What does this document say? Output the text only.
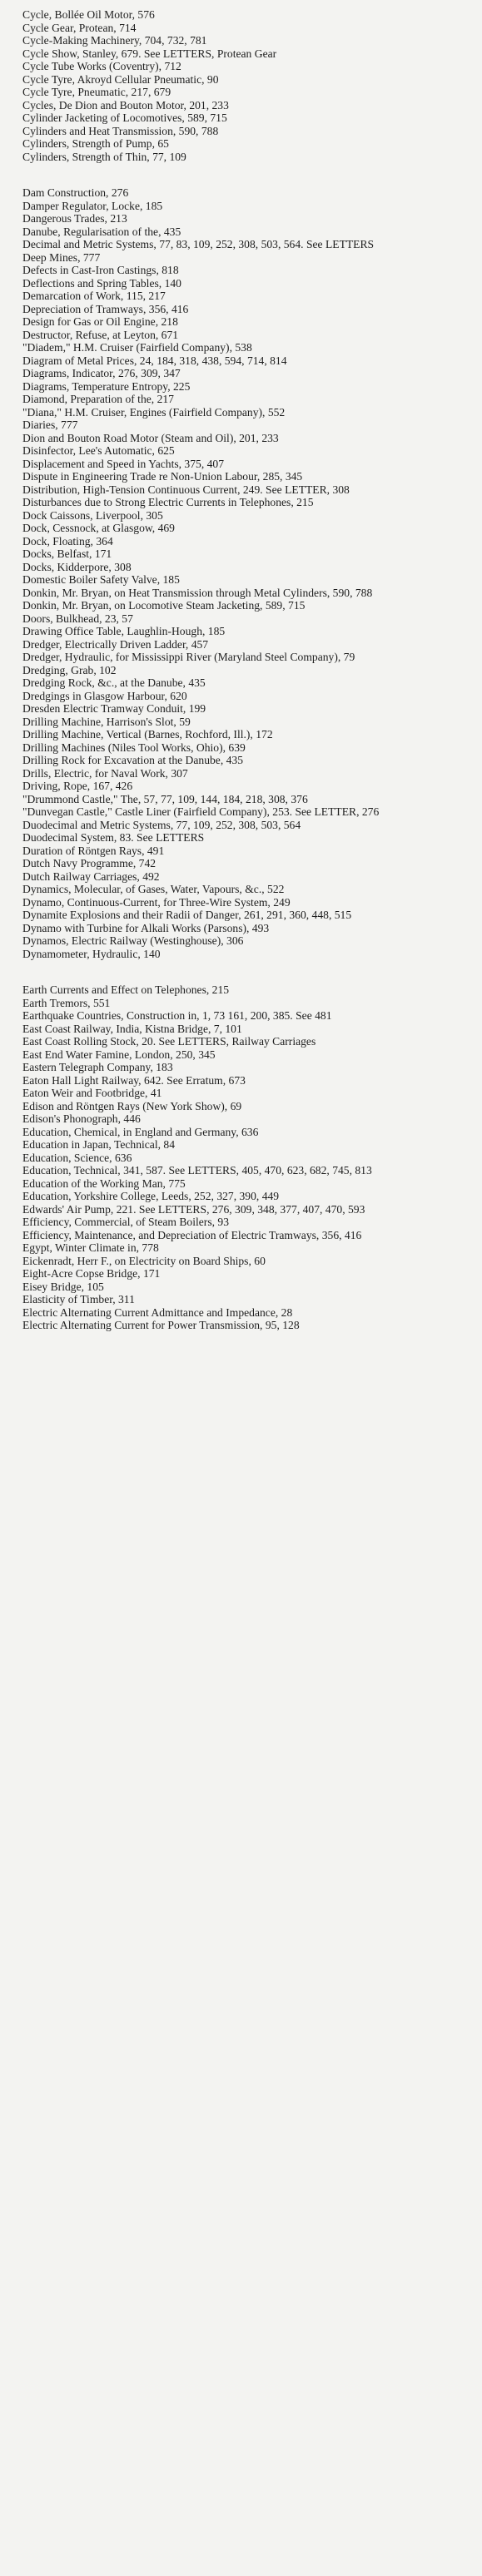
Cycle, Bollée Oil Motor, 576
Cycle Gear, Protean, 714
Cycle-Making Machinery, 704, 732, 781
Cycle Show, Stanley, 679. See LETTERS, Protean Gear
Cycle Tube Works (Coventry), 712
Cycle Tyre, Akroyd Cellular Pneumatic, 90
Cycle Tyre, Pneumatic, 217, 679
Cycles, De Dion and Bouton Motor, 201, 233
Cylinder Jacketing of Locomotives, 589, 715
Cylinders and Heat Transmission, 590, 788
Cylinders, Strength of Pump, 65
Cylinders, Strength of Thin, 77, 109
Dam Construction, 276
Damper Regulator, Locke, 185
Dangerous Trades, 213
Danube, Regularisation of the, 435
Decimal and Metric Systems, 77, 83, 109, 252, 308, 503, 564. See LETTERS
Deep Mines, 777
Defects in Cast-Iron Castings, 818
Deflections and Spring Tables, 140
Demarcation of Work, 115, 217
Depreciation of Tramways, 356, 416
Design for Gas or Oil Engine, 218
Destructor, Refuse, at Leyton, 671
"Diadem," H.M. Cruiser (Fairfield Company), 538
Diagram of Metal Prices, 24, 184, 318, 438, 594, 714, 814
Diagrams, Indicator, 276, 309, 347
Diagrams, Temperature Entropy, 225
Diamond, Preparation of the, 217
"Diana," H.M. Cruiser, Engines (Fairfield Company), 552
Diaries, 777
Dion and Bouton Road Motor (Steam and Oil), 201, 233
Disinfector, Lee's Automatic, 625
Displacement and Speed in Yachts, 375, 407
Dispute in Engineering Trade re Non-Union Labour, 285, 345
Distribution, High-Tension Continuous Current, 249. See LETTER, 308
Disturbances due to Strong Electric Currents in Telephones, 215
Dock Caissons, Liverpool, 305
Dock, Cessnock, at Glasgow, 469
Dock, Floating, 364
Docks, Belfast, 171
Docks, Kidderpore, 308
Domestic Boiler Safety Valve, 185
Donkin, Mr. Bryan, on Heat Transmission through Metal Cylinders, 590, 788
Donkin, Mr. Bryan, on Locomotive Steam Jacketing, 589, 715
Doors, Bulkhead, 23, 57
Drawing Office Table, Laughlin-Hough, 185
Dredger, Electrically Driven Ladder, 457
Dredger, Hydraulic, for Mississippi River (Maryland Steel Company), 79
Dredging, Grab, 102
Dredging Rock, &c., at the Danube, 435
Dredgings in Glasgow Harbour, 620
Dresden Electric Tramway Conduit, 199
Drilling Machine, Harrison's Slot, 59
Drilling Machine, Vertical (Barnes, Rochford, Ill.), 172
Drilling Machines (Niles Tool Works, Ohio), 639
Drilling Rock for Excavation at the Danube, 435
Drills, Electric, for Naval Work, 307
Driving, Rope, 167, 426
"Drummond Castle," The, 57, 77, 109, 144, 184, 218, 308, 376
"Dunvegan Castle," Castle Liner (Fairfield Company), 253. See LETTER, 276
Duodecimal and Metric Systems, 77, 109, 252, 308, 503, 564
Duodecimal System, 83. See LETTERS
Duration of Röntgen Rays, 491
Dutch Navy Programme, 742
Dutch Railway Carriages, 492
Dynamics, Molecular, of Gases, Water, Vapours, &c., 522
Dynamo, Continuous-Current, for Three-Wire System, 249
Dynamite Explosions and their Radii of Danger, 261, 291, 360, 448, 515
Dynamo with Turbine for Alkali Works (Parsons), 493
Dynamos, Electric Railway (Westinghouse), 306
Dynamometer, Hydraulic, 140
Earth Currents and Effect on Telephones, 215
Earth Tremors, 551
Earthquake Countries, Construction in, 1, 73 161, 200, 385. See 481
East Coast Railway, India, Kistna Bridge, 7, 101
East Coast Rolling Stock, 20. See LETTERS, Railway Carriages
East End Water Famine, London, 250, 345
Eastern Telegraph Company, 183
Eaton Hall Light Railway, 642. See Erratum, 673
Eaton Weir and Footbridge, 41
Edison and Röntgen Rays (New York Show), 69
Edison's Phonograph, 446
Education, Chemical, in England and Germany, 636
Education in Japan, Technical, 84
Education, Science, 636
Education, Technical, 341, 587. See LETTERS, 405, 470, 623, 682, 745, 813
Education of the Working Man, 775
Education, Yorkshire College, Leeds, 252, 327, 390, 449
Edwards' Air Pump, 221. See LETTERS, 276, 309, 348, 377, 407, 470, 593
Efficiency, Commercial, of Steam Boilers, 93
Efficiency, Maintenance, and Depreciation of Electric Tramways, 356, 416
Egypt, Winter Climate in, 778
Eickenradt, Herr F., on Electricity on Board Ships, 60
Eight-Acre Copse Bridge, 171
Eisey Bridge, 105
Elasticity of Timber, 311
Electric Alternating Current Admittance and Impedance, 28
Electric Alternating Current for Power Transmission, 95, 128
